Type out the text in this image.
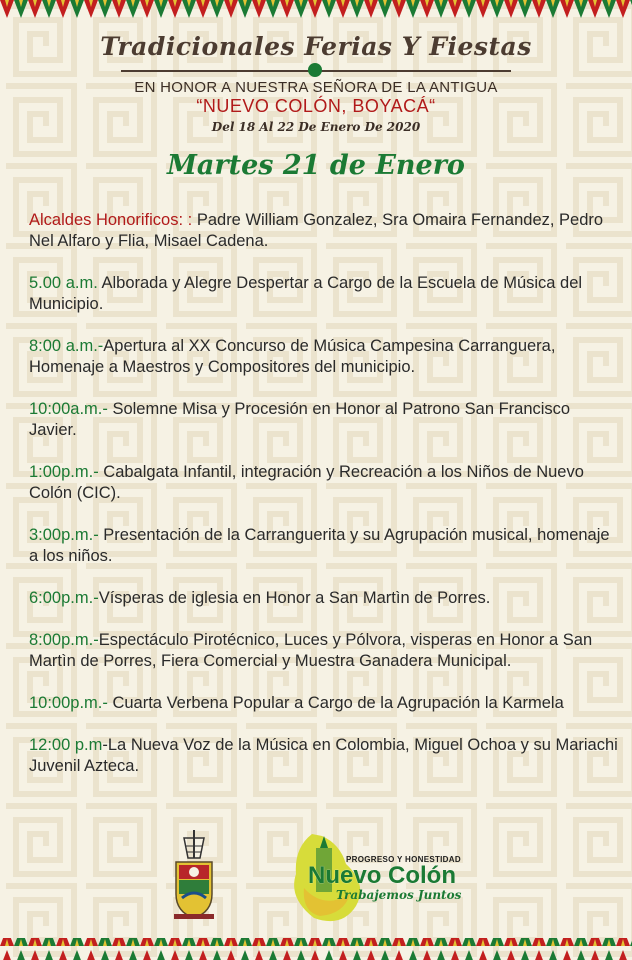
Tradicionales Ferias Y Fiestas
EN HONOR A NUESTRA SEÑORA DE LA ANTIGUA
“NUEVO COLÓN, BOYACÁ“
Del 18 Al 22 De Enero De 2020
Martes 21 de Enero

Alcaldes Honorificos: : Padre William Gonzalez, Sra Omaira Fernandez, Pedro Nel Alfaro y Flia, Misael Cadena.

5.00 a.m. Alborada y Alegre Despertar a Cargo de la Escuela de Música del Municipio.

8:00 a.m.-Apertura al XX Concurso de Música Campesina Carranguera, Homenaje a Maestros y Compositores del municipio.

10:00a.m.- Solemne Misa y Procesión en Honor al Patrono San Francisco Javier.

1:00p.m.- Cabalgata Infantil, integración y Recreación a los Niños de Nuevo Colón (CIC).

3:00p.m.- Presentación de la Carranguerita y su Agrupación musical, homenaje a los niños.

6:00p.m.-Vísperas de iglesia en Honor a San Martìn de Porres.

8:00p.m.-Espectáculo Pirotécnico, Luces y Pólvora, visperas en Honor a San Martìn de Porres, Fiera Comercial y Muestra Ganadera Municipal.

10:00p.m.- Cuarta Verbena Popular a Cargo de la Agrupación la Karmela

12:00 p.m-La Nueva Voz de la Música en Colombia, Miguel Ochoa y su Mariachi Juvenil Azteca.

PROGRESO Y HONESTIDAD
Nuevo Colón
Trabajemos Juntos
